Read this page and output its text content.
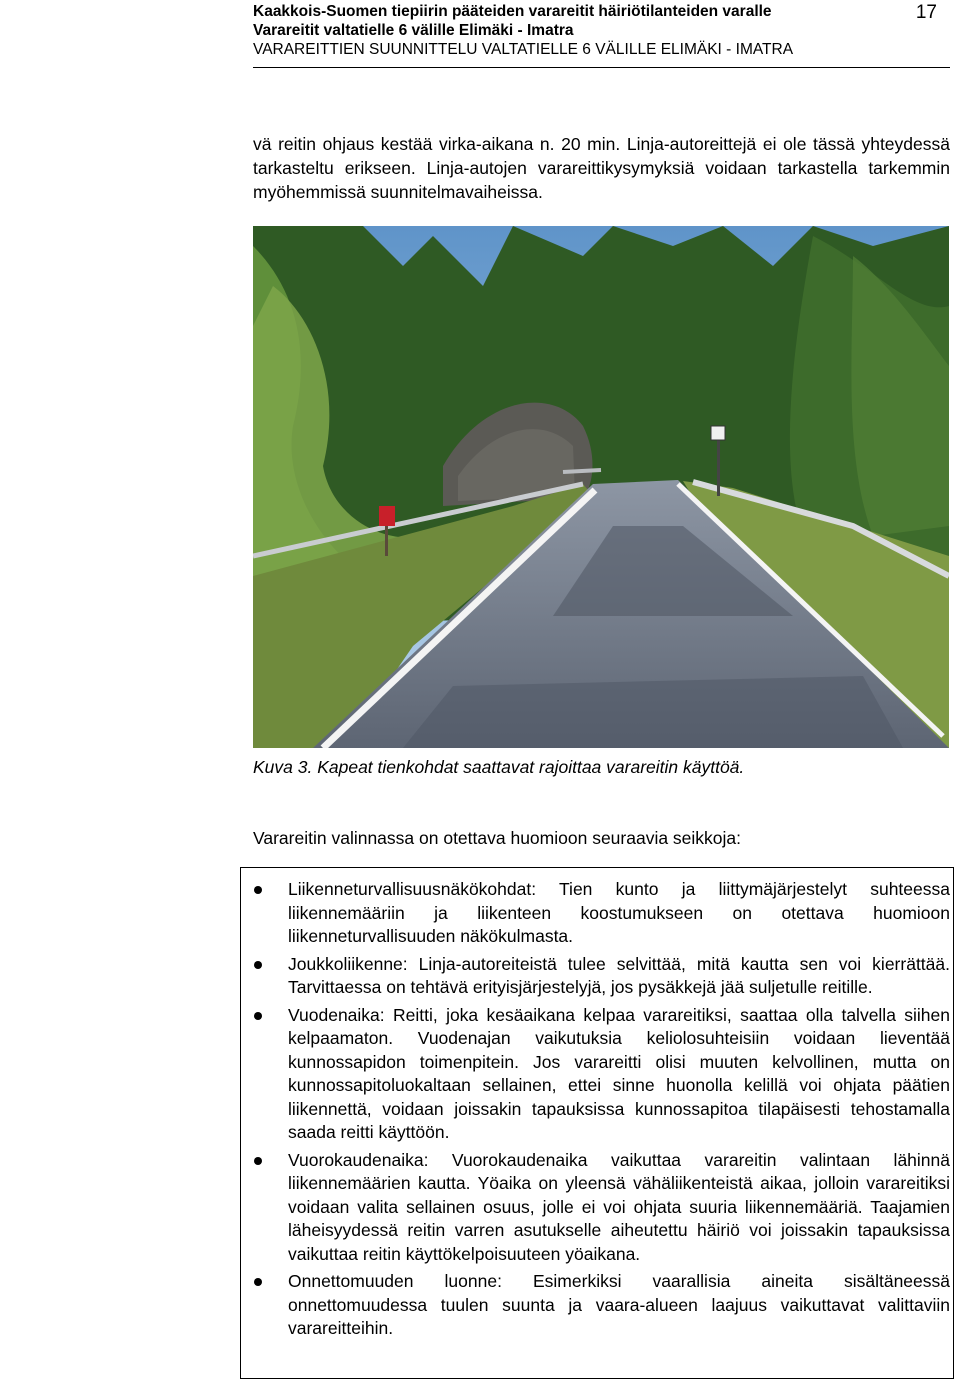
Kaakkois-Suomen tiepiirin pääteiden varareitit häiriötilanteiden varalle
Varareitit valtatielle 6 välille Elimäki - Imatra
VARAREITTIEN SUUNNITTELU VALTATIELLE 6 VÄLILLE ELIMÄKI - IMATRA
17

vä reitin ohjaus kestää virka-aikana n. 20 min. Linja-autoreittejä ei ole tässä yhteydessä tarkasteltu erikseen. Linja-autojen varareittikysymyksiä voidaan tarkastella tarkemmin myöhemmissä suunnitelmavaiheissa.

Kuva 3. Kapeat tienkohdat saattavat rajoittaa varareitin käyttöä.
Varareitin valinnassa on otettava huomioon seuraavia seikkoja:
Liikenneturvallisuusnäkökohdat: Tien kunto ja liittymäjärjestelyt suhteessa liikennemääriin ja liikenteen koostumukseen on otettava huomioon liikenneturvallisuuden näkökulmasta.
Joukkoliikenne: Linja-autoreiteistä tulee selvittää, mitä kautta sen voi kierrättää. Tarvittaessa on tehtävä erityisjärjestelyjä, jos pysäkkejä jää suljetulle reitille.
Vuodenaika: Reitti, joka kesäaikana kelpaa varareitiksi, saattaa olla talvella siihen kelpaamaton. Vuodenajan vaikutuksia keliolosuhteisiin voidaan lieventää kunnossapidon toimenpitein. Jos varareitti olisi muuten kelvollinen, mutta on kunnossapitoluokaltaan sellainen, ettei sinne huonolla kelillä voi ohjata päätien liikennettä, voidaan joissakin tapauksissa kunnossapitoa tilapäisesti tehostamalla saada reitti käyttöön.
Vuorokaudenaika: Vuorokaudenaika vaikuttaa varareitin valintaan lähinnä liikennemäärien kautta. Yöaika on yleensä vähäliikenteistä aikaa, jolloin varareitiksi voidaan valita sellainen osuus, jolle ei voi ohjata suuria liikennemääriä. Taajamien läheisyydessä reitin varren asutukselle aiheutettu häiriö voi joissakin tapauksissa vaikuttaa reitin käyttökelpoisuuteen yöaikana.
Onnettomuuden luonne: Esimerkiksi vaarallisia aineita sisältäneessä onnettomuudessa tuulen suunta ja vaara-alueen laajuus vaikuttavat valittaviin varareitteihin.
